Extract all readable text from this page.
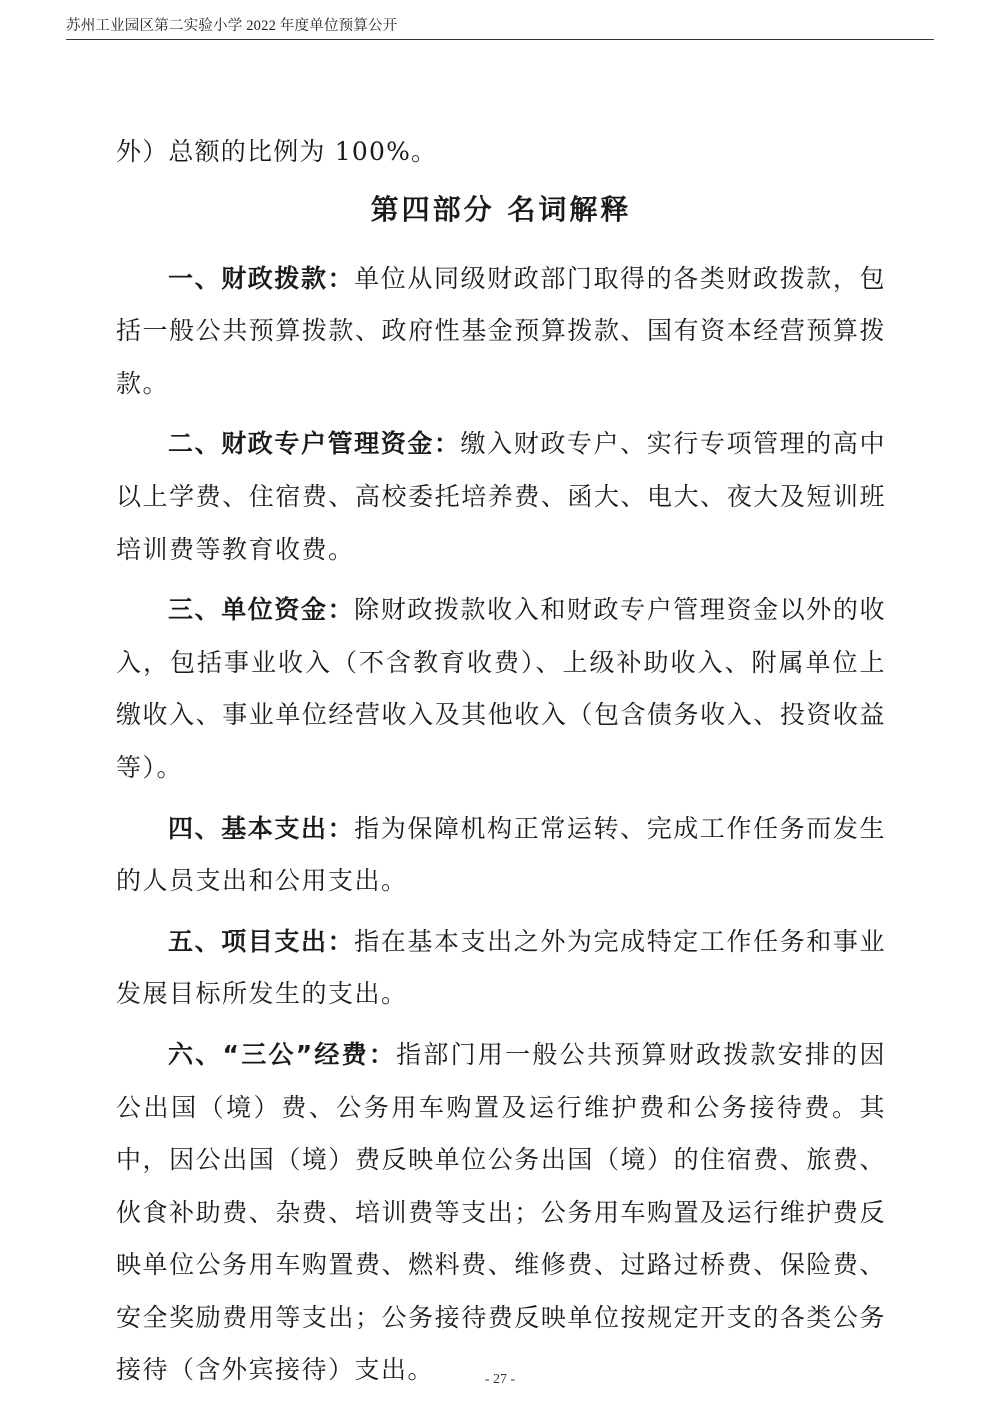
苏州工业园区第二实验小学 2022 年度单位预算公开

外）总额的比例为 100%。

第四部分 名词解释

一、财政拨款：单位从同级财政部门取得的各类财政拨款，包括一般公共预算拨款、政府性基金预算拨款、国有资本经营预算拨款。

二、财政专户管理资金：缴入财政专户、实行专项管理的高中以上学费、住宿费、高校委托培养费、函大、电大、夜大及短训班培训费等教育收费。

三、单位资金：除财政拨款收入和财政专户管理资金以外的收入，包括事业收入（不含教育收费）、上级补助收入、附属单位上缴收入、事业单位经营收入及其他收入（包含债务收入、投资收益等）。

四、基本支出：指为保障机构正常运转、完成工作任务而发生的人员支出和公用支出。

五、项目支出：指在基本支出之外为完成特定工作任务和事业发展目标所发生的支出。

六、“三公”经费：指部门用一般公共预算财政拨款安排的因公出国（境）费、公务用车购置及运行维护费和公务接待费。其中，因公出国（境）费反映单位公务出国（境）的住宿费、旅费、伙食补助费、杂费、培训费等支出；公务用车购置及运行维护费反映单位公务用车购置费、燃料费、维修费、过路过桥费、保险费、安全奖励费用等支出；公务接待费反映单位按规定开支的各类公务接待（含外宾接待）支出。	- 27 -
